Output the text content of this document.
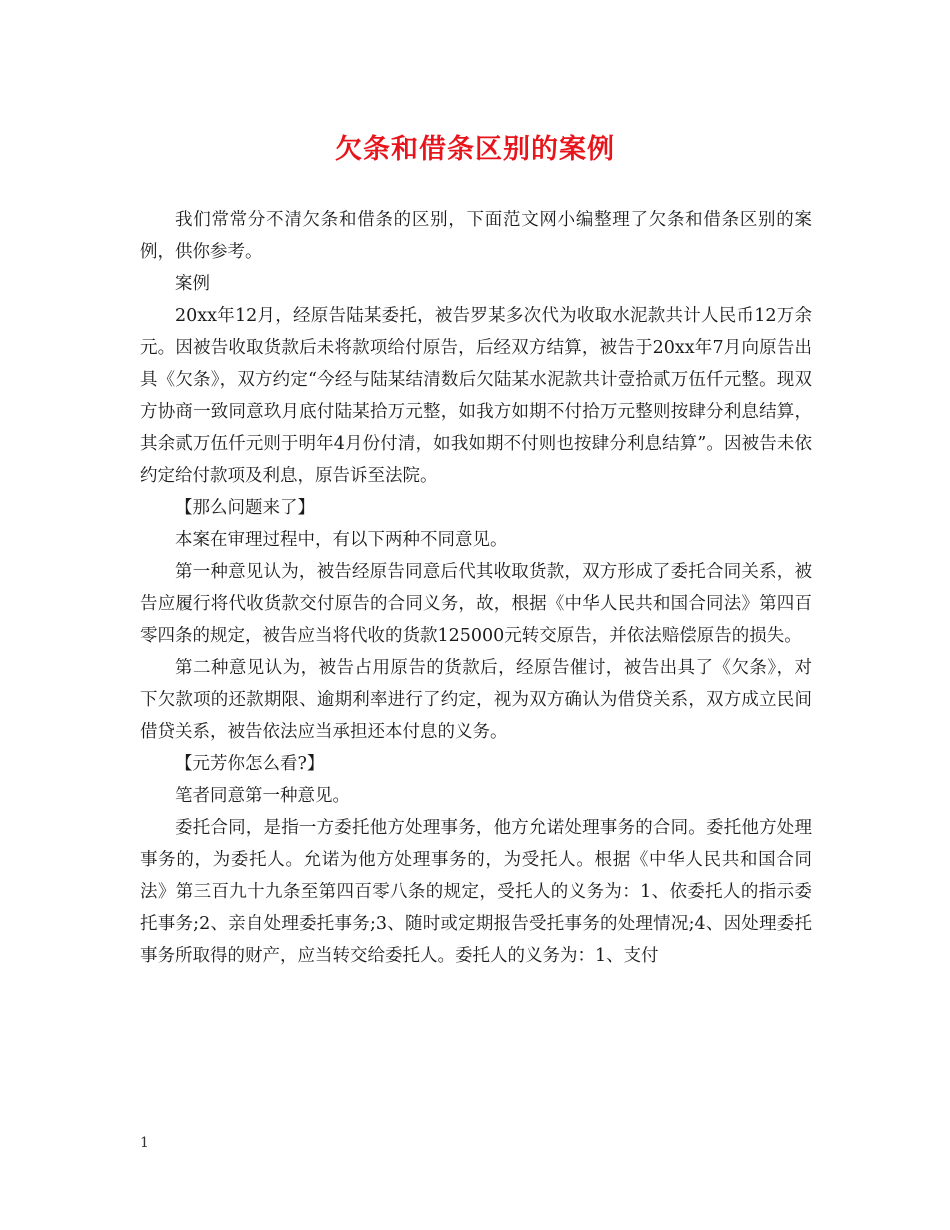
欠条和借条区别的案例

我们常常分不清欠条和借条的区别，下面范文网小编整理了欠条和借条区别的案例，供你参考。

案例

20xx年12月，经原告陆某委托，被告罗某多次代为收取水泥款共计人民币12万余元。因被告收取货款后未将款项给付原告，后经双方结算，被告于20xx年7月向原告出具《欠条》，双方约定“今经与陆某结清数后欠陆某水泥款共计壹拾贰万伍仟元整。现双方协商一致同意玖月底付陆某拾万元整，如我方如期不付拾万元整则按肆分利息结算，其余贰万伍仟元则于明年4月份付清，如我如期不付则也按肆分利息结算”。因被告未依约定给付款项及利息，原告诉至法院。

【那么问题来了】

本案在审理过程中，有以下两种不同意见。

第一种意见认为，被告经原告同意后代其收取货款，双方形成了委托合同关系，被告应履行将代收货款交付原告的合同义务，故，根据《中华人民共和国合同法》第四百零四条的规定，被告应当将代收的货款125000元转交原告，并依法赔偿原告的损失。

第二种意见认为，被告占用原告的货款后，经原告催讨，被告出具了《欠条》，对下欠款项的还款期限、逾期利率进行了约定，视为双方确认为借贷关系，双方成立民间借贷关系，被告依法应当承担还本付息的义务。

【元芳你怎么看?】

笔者同意第一种意见。

委托合同，是指一方委托他方处理事务，他方允诺处理事务的合同。委托他方处理事务的，为委托人。允诺为他方处理事务的，为受托人。根据《中华人民共和国合同法》第三百九十九条至第四百零八条的规定，受托人的义务为：1、依委托人的指示委托事务;2、亲自处理委托事务;3、随时或定期报告受托事务的处理情况;4、因处理委托事务所取得的财产，应当转交给委托人。委托人的义务为：1、支付

1
